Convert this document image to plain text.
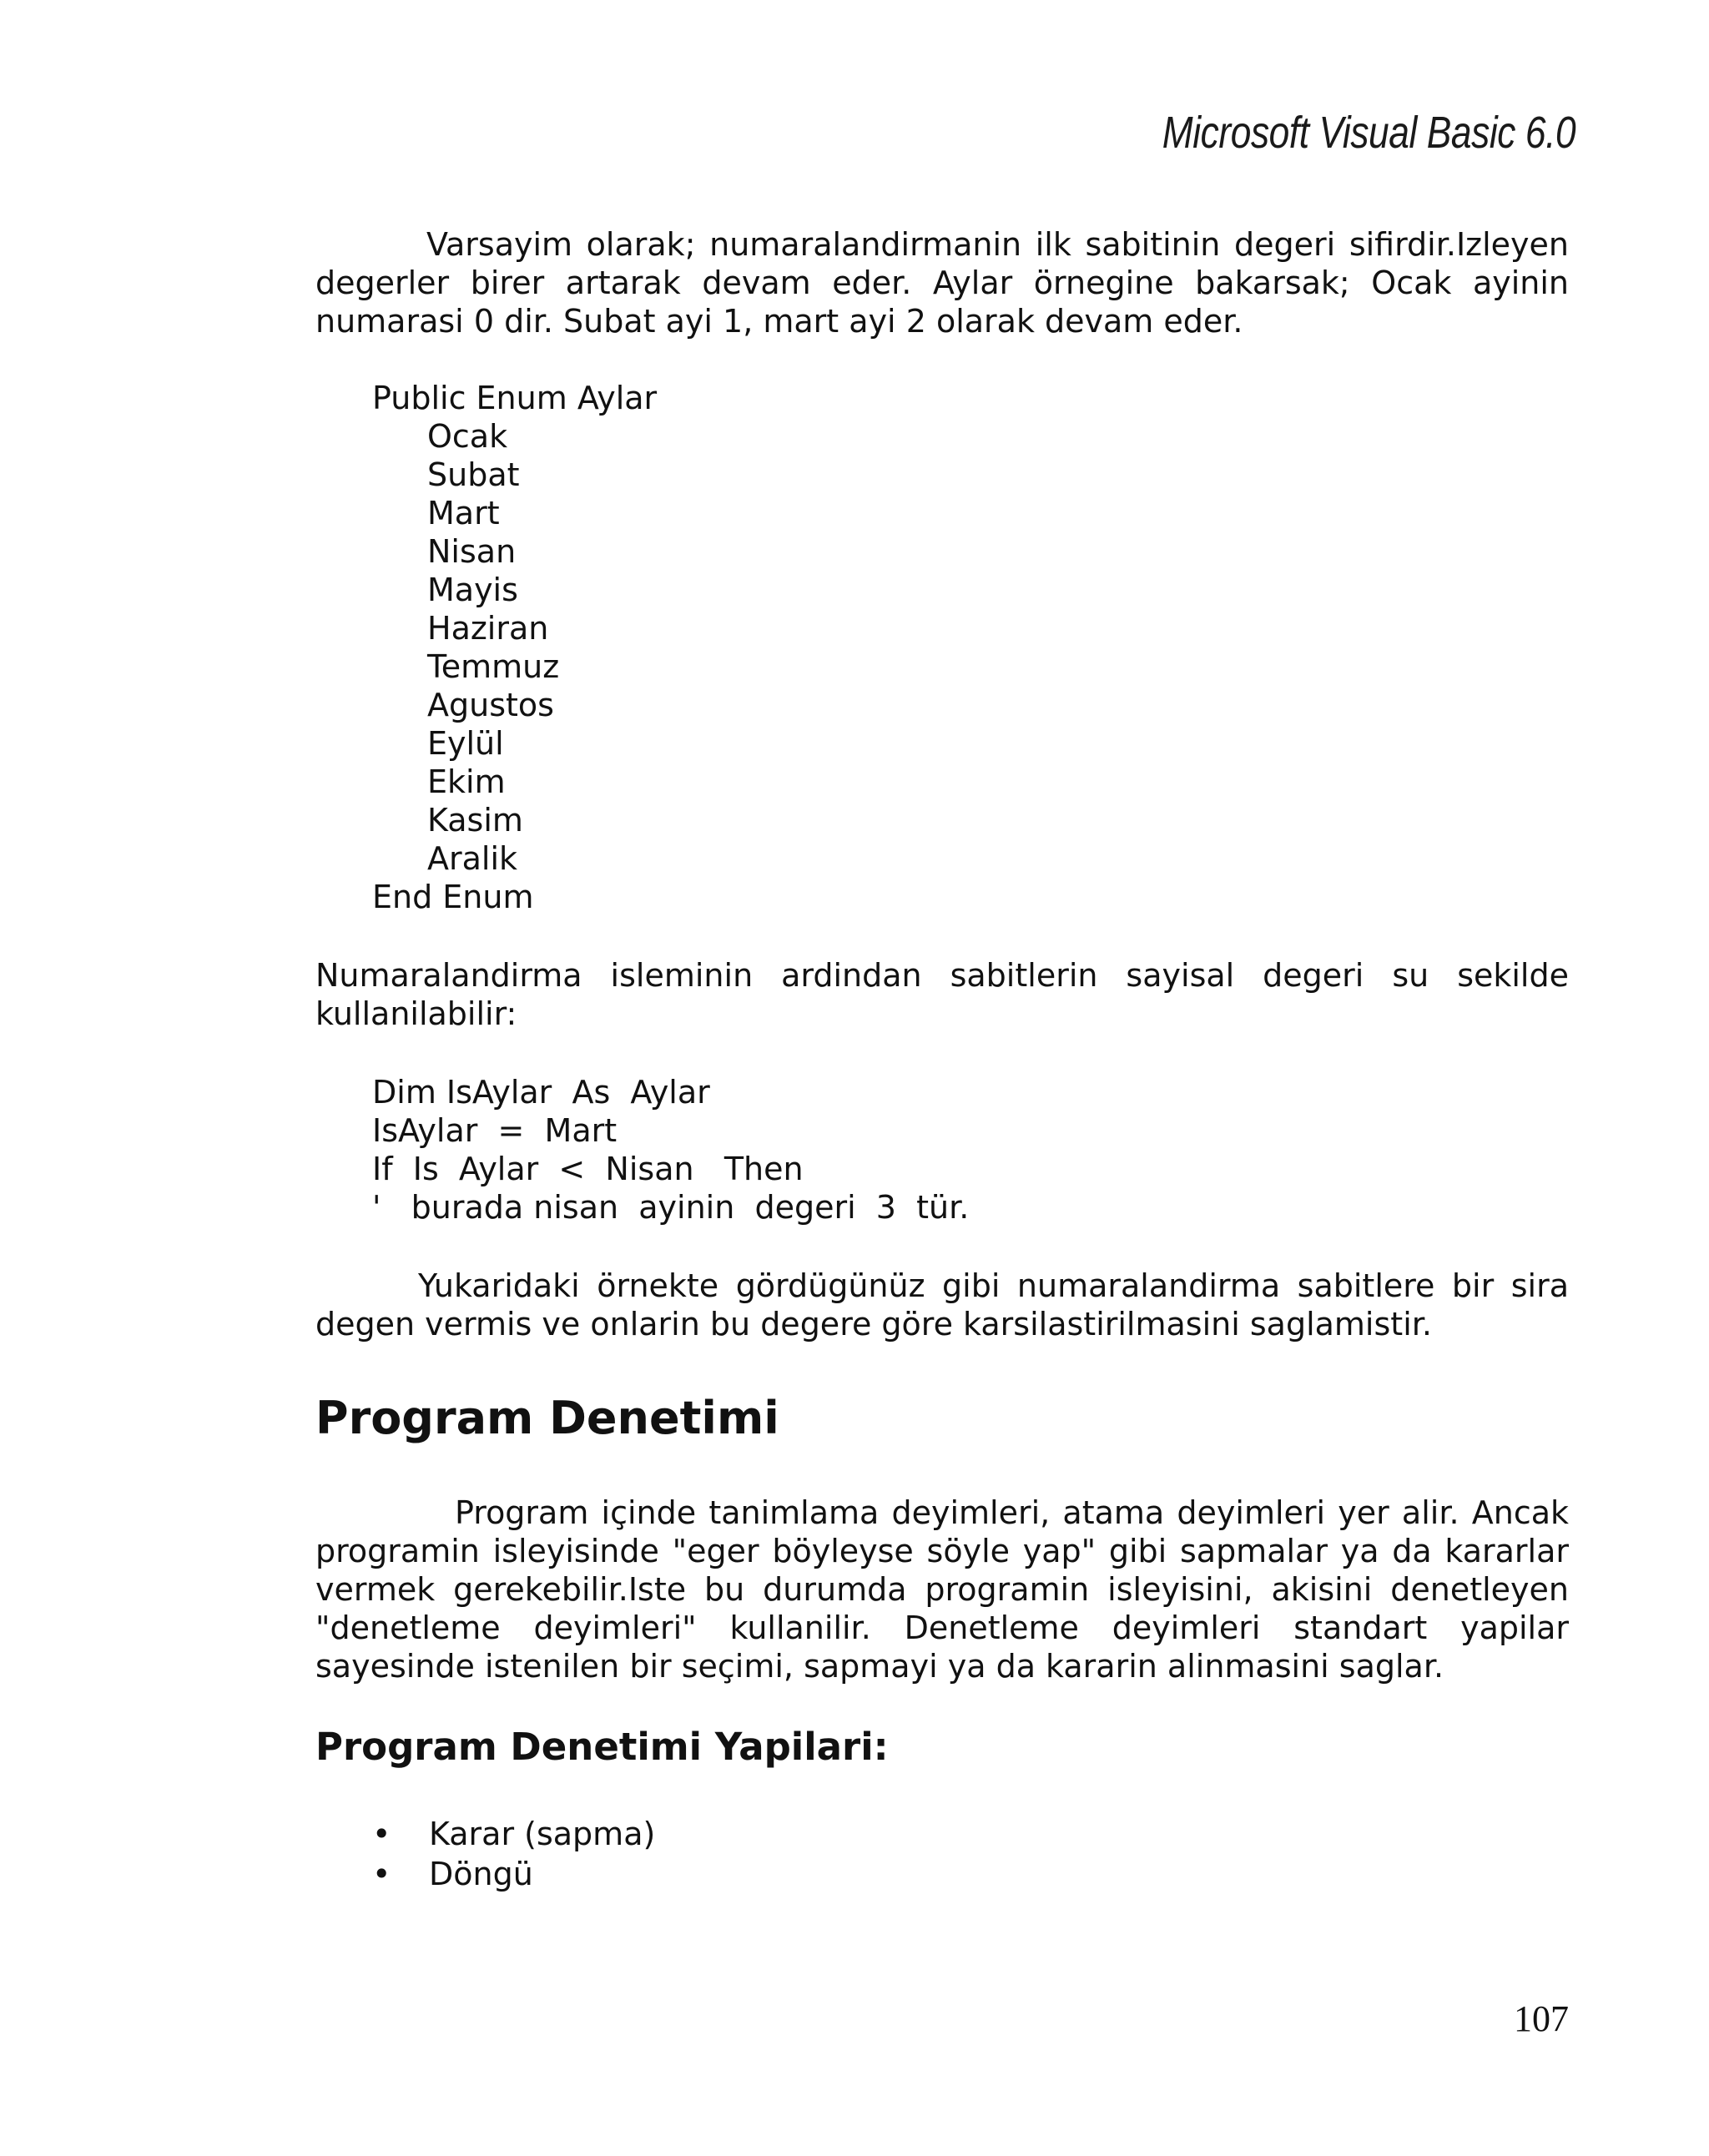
Microsoft Visual Basic 6.0

Varsayim olarak; numaralandirmanin ilk sabitinin degeri sifirdir.Izleyen
degerler birer artarak devam eder. Aylar örnegine bakarsak; Ocak ayinin
numarasi 0 dir. Subat ayi 1, mart ayi 2 olarak devam eder.

Public Enum Aylar
Ocak
Subat
Mart
Nisan
Mayis
Haziran
Temmuz
Agustos
Eylül
Ekim
Kasim
Aralik
End Enum

Numaralandirma isleminin ardindan sabitlerin sayisal degeri su sekilde
kullanilabilir:

Dim IsAylar  As  Aylar
IsAylar  =  Mart
If  Is  Aylar  <  Nisan   Then
'   burada nisan  ayinin  degeri  3  tür.

Yukaridaki örnekte gördügünüz gibi numaralandirma sabitlere bir sira
degen vermis ve onlarin bu degere göre karsilastirilmasini saglamistir.

Program Denetimi

Program içinde tanimlama deyimleri, atama deyimleri yer alir. Ancak
programin isleyisinde "eger böyleyse söyle yap" gibi sapmalar ya da kararlar
vermek gerekebilir.Iste bu durumda programin isleyisini, akisini denetleyen
"denetleme deyimleri" kullanilir. Denetleme deyimleri standart yapilar
sayesinde istenilen bir seçimi, sapmayi ya da kararin alinmasini saglar.

Program Denetimi Yapilari:
• Karar (sapma)
• Döngü
107
